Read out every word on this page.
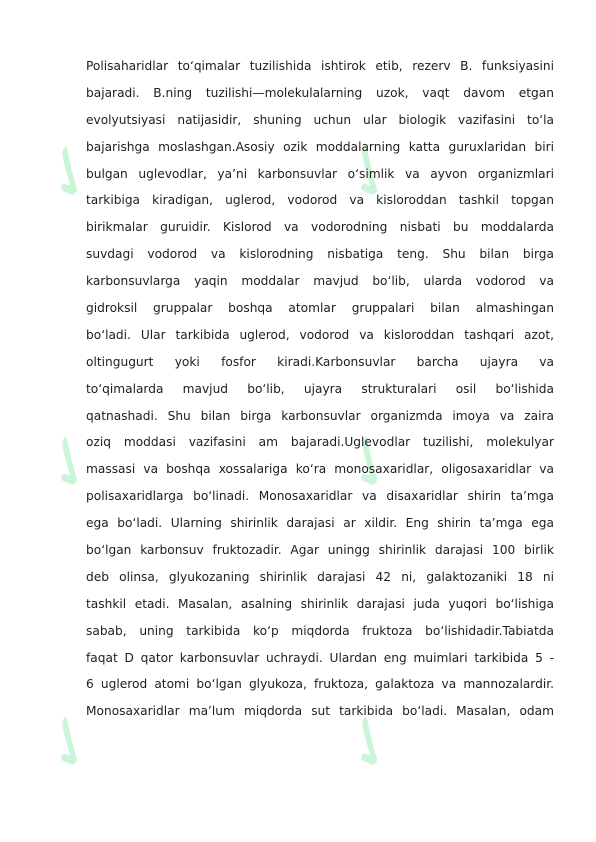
✓	✓
✓	✓
✓	✓
Polisaharidlar to‘qimalar tuzilishida ishtirok etib, rezerv B. funksiyasini
bajaradi. B.ning tuzilishi—molekulalarning uzok, vaqt davom etgan
evolyutsiyasi natijasidir, shuning uchun ular biologik vazifasini to‘la
bajarishga moslashgan.Asosiy ozik moddalarning katta guruxlaridan biri
bulgan uglevodlar, ya’ni karbonsuvlar o‘simlik va ayvon organizmlari
tarkibiga kiradigan, uglerod, vodorod va kisloroddan tashkil topgan
birikmalar guruidir. Kislorod va vodorodning nisbati bu moddalarda
suvdagi vodorod va kislorodning nisbatiga teng. Shu bilan birga
karbonsuvlarga yaqin moddalar mavjud bo‘lib, ularda vodorod va
gidroksil gruppalar boshqa atomlar gruppalari bilan almashingan
bo‘ladi. Ular tarkibida uglerod, vodorod va kisloroddan tashqari azot,
oltingugurt yoki fosfor kiradi.Karbonsuvlar barcha ujayra va
to‘qimalarda mavjud bo‘lib, ujayra strukturalari osil bo‘lishida
qatnashadi. Shu bilan birga karbonsuvlar organizmda imoya va zaira
oziq moddasi vazifasini am bajaradi.Uglevodlar tuzilishi, molekulyar
massasi va boshqa xossalariga ko‘ra monosaxaridlar, oligosaxaridlar va
polisaxaridlarga bo‘linadi. Monosaxaridlar va disaxaridlar shirin ta’mga
ega bo‘ladi. Ularning shirinlik darajasi ar xildir. Eng shirin ta’mga ega
bo‘lgan karbonsuv fruktozadir. Agar uningg shirinlik darajasi 100 birlik
deb olinsa, glyukozaning shirinlik darajasi 42 ni, galaktozaniki 18 ni
tashkil etadi. Masalan, asalning shirinlik darajasi juda yuqori bo‘lishiga
sabab, uning tarkibida ko‘p miqdorda fruktoza bo‘lishidadir.Tabiatda
faqat D qator karbonsuvlar uchraydi. Ulardan eng muimlari tarkibida 5 -
6 uglerod atomi bo‘lgan glyukoza, fruktoza, galaktoza va mannozalardir.
Monosaxaridlar ma’lum miqdorda sut tarkibida bo‘ladi. Masalan, odam
